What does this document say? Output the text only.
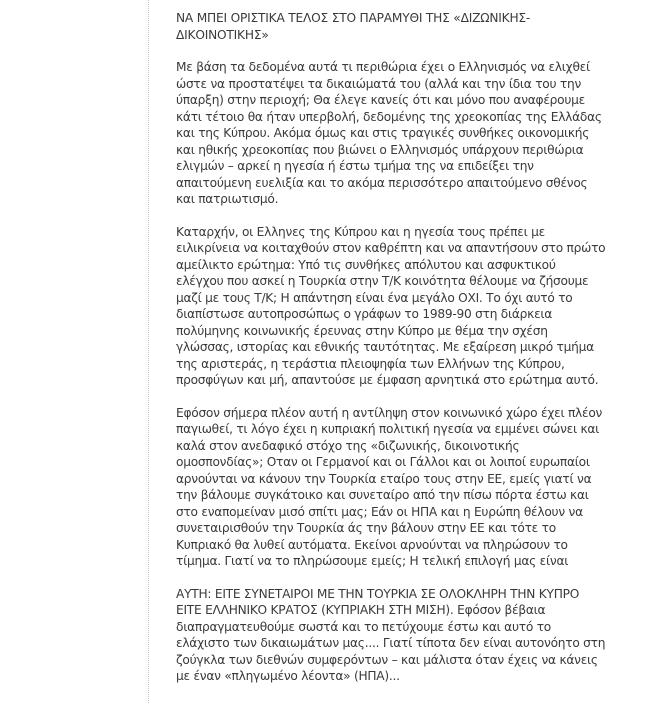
ΝΑ ΜΠΕΙ ΟΡΙΣΤΙΚΑ ΤΕΛΟΣ ΣΤΟ ΠΑΡΑΜΥΘΙ ΤΗΣ «ΔΙΖΩΝΙΚΗΣ-ΔΙΚΟΙΝΟΤΙΚΗΣ»

Με βάση τα δεδομένα αυτά τι περιθώρια έχει ο Ελληνισμός να ελιχθεί ώστε να προστατέψει τα δικαιώματά του (αλλά και την ίδια του την ύπαρξη) στην περιοχή; Θα έλεγε κανείς ότι και μόνο που αναφέρουμε κάτι τέτοιο θα ήταν υπερβολή, δεδομένης της χρεοκοπίας της Ελλάδας και της Κύπρου. Ακόμα όμως και στις τραγικές συνθήκες οικονομικής και ηθικής χρεοκοπίας που βιώνει ο Ελληνισμός υπάρχουν περιθώρια ελιγμών – αρκεί η ηγεσία ή έστω τμήμα της να επιδείξει την απαιτούμενη ευελιξία και το ακόμα περισσότερο απαιτούμενο σθένος και πατριωτισμό.

Καταρχήν, οι Ελληνες της Κύπρου και η ηγεσία τους πρέπει με ειλικρίνεια να κοιταχθούν στον καθρέπτη και να απαντήσουν στο πρώτο αμείλικτο ερώτημα: Υπό τις συνθήκες απόλυτου και ασφυκτικού ελέγχου που ασκεί η Τουρκία στην Τ/Κ κοινότητα θέλουμε να ζήσουμε μαζί με τους Τ/Κ; Η απάντηση είναι ένα μεγάλο ΟΧΙ. Το όχι αυτό το διαπίστωσε αυτοπροσώπως ο γράφων το 1989-90 στη διάρκεια πολύμηνης κοινωνικής έρευνας στην Κύπρο με θέμα την σχέση γλώσσας, ιστορίας και εθνικής ταυτότητας. Με εξαίρεση μικρό τμήμα της αριστεράς, η τεράστια πλειοψηφία των Ελλήνων της Κύπρου, προσφύγων και μή, απαντούσε με έμφαση αρνητικά στο ερώτημα αυτό.

Εφόσον σήμερα πλέον αυτή η αντίληψη στον κοινωνικό χώρο έχει πλέον παγιωθεί, τι λόγο έχει η κυπριακή πολιτική ηγεσία να εμμένει σώνει και καλά στον ανεδαφικό στόχο της «διζωνικής, δικοινοτικής ομοσπονδίας»; Οταν οι Γερμανοί και οι Γάλλοι και οι λοιποί ευρωπαίοι αρνούνται να κάνουν την Τουρκία εταίρο τους στην ΕΕ, εμείς γιατί να την βάλουμε συγκάτοικο και συνεταίρο από την πίσω πόρτα έστω και στο εναπομείναν μισό σπίτι μας; Εάν οι ΗΠΑ και η Ευρώπη θέλουν να συνεταιρισθούν την Τουρκία άς την βάλουν στην ΕΕ και τότε το Κυπριακό θα λυθεί αυτόματα. Εκείνοι αρνούνται να πληρώσουν το τίμημα. Γιατί να το πληρώσουμε εμείς; Η τελική επιλογή μας είναι

ΑΥΤΗ: ΕΙΤΕ ΣΥΝΕΤΑΙΡΟΙ ΜΕ ΤΗΝ ΤΟΥΡΚΙΑ ΣΕ ΟΛΟΚΛΗΡΗ ΤΗΝ ΚΥΠΡΟ ΕΙΤΕ ΕΛΛΗΝΙΚΟ ΚΡΑΤΟΣ (ΚΥΠΡΙΑΚΗ ΣΤΗ ΜΙΣΗ). Εφόσον βέβαια διαπραγματευθούμε σωστά και το πετύχουμε έστω και αυτό το ελάχιστο των δικαιωμάτων μας.... Γιατί τίποτα δεν είναι αυτονόητο στη ζούγκλα των διεθνών συμφερόντων – και μάλιστα όταν έχεις να κάνεις με έναν «πληγωμένο λέοντα» (ΗΠΑ)...
